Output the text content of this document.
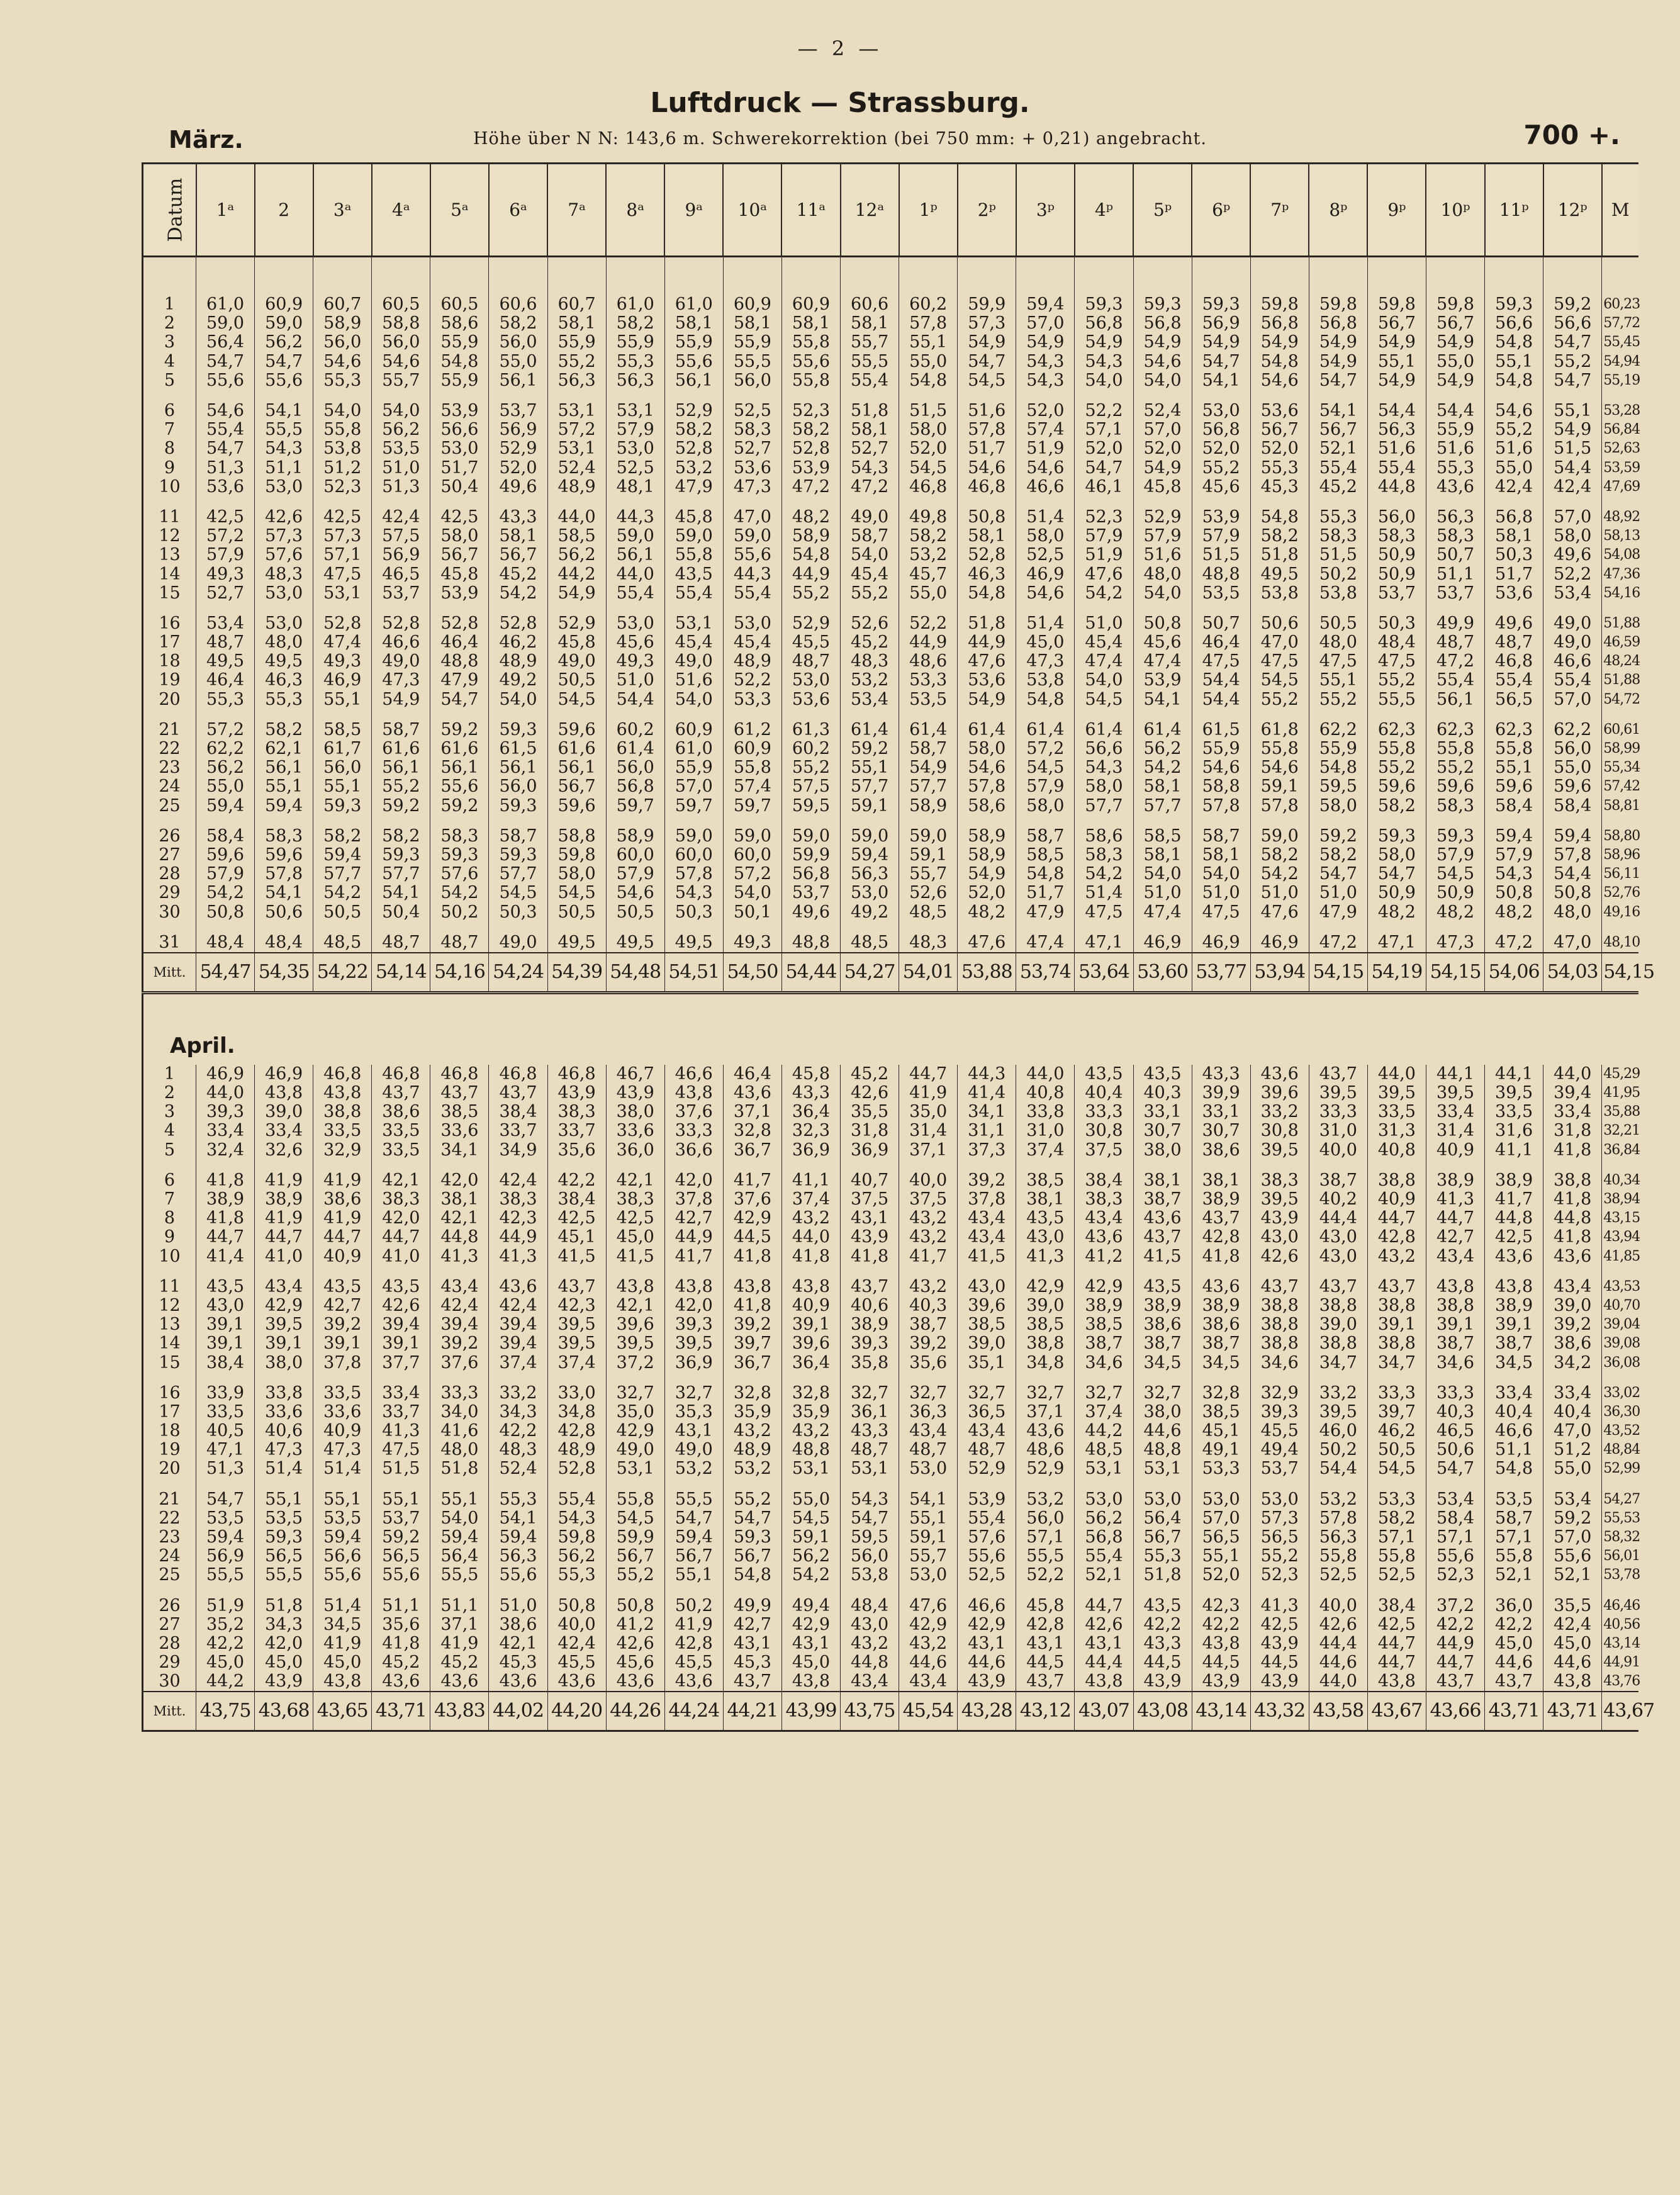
— 2 —
Luftdruck — Strassburg.
März.	Höhe über N N: 143,6 m. Schwerekorrektion (bei 750 mm: + 0,21) angebracht.	700 +.
Datum	1ᵃ	2	3ᵃ	4ᵃ	5ᵃ	6ᵃ	7ᵃ	8ᵃ	9ᵃ	10ᵃ	11ᵃ	12ᵃ	1ᵖ	2ᵖ	3ᵖ	4ᵖ	5ᵖ	6ᵖ	7ᵖ	8ᵖ	9ᵖ	10ᵖ	11ᵖ	12ᵖ	M

1	61,0	60,9	60,7	60,5	60,5	60,6	60,7	61,0	61,0	60,9	60,9	60,6	60,2	59,9	59,4	59,3	59,3	59,3	59,8	59,8	59,8	59,8	59,3	59,2	60,23
2	59,0	59,0	58,9	58,8	58,6	58,2	58,1	58,2	58,1	58,1	58,1	58,1	57,8	57,3	57,0	56,8	56,8	56,9	56,8	56,8	56,7	56,7	56,6	56,6	57,72
3	56,4	56,2	56,0	56,0	55,9	56,0	55,9	55,9	55,9	55,9	55,8	55,7	55,1	54,9	54,9	54,9	54,9	54,9	54,9	54,9	54,9	54,9	54,8	54,7	55,45
4	54,7	54,7	54,6	54,6	54,8	55,0	55,2	55,3	55,6	55,5	55,6	55,5	55,0	54,7	54,3	54,3	54,6	54,7	54,8	54,9	55,1	55,0	55,1	55,2	54,94
5	55,6	55,6	55,3	55,7	55,9	56,1	56,3	56,3	56,1	56,0	55,8	55,4	54,8	54,5	54,3	54,0	54,0	54,1	54,6	54,7	54,9	54,9	54,8	54,7	55,19

6	54,6	54,1	54,0	54,0	53,9	53,7	53,1	53,1	52,9	52,5	52,3	51,8	51,5	51,6	52,0	52,2	52,4	53,0	53,6	54,1	54,4	54,4	54,6	55,1	53,28
7	55,4	55,5	55,8	56,2	56,6	56,9	57,2	57,9	58,2	58,3	58,2	58,1	58,0	57,8	57,4	57,1	57,0	56,8	56,7	56,7	56,3	55,9	55,2	54,9	56,84
8	54,7	54,3	53,8	53,5	53,0	52,9	53,1	53,0	52,8	52,7	52,8	52,7	52,0	51,7	51,9	52,0	52,0	52,0	52,0	52,1	51,6	51,6	51,6	51,5	52,63
9	51,3	51,1	51,2	51,0	51,7	52,0	52,4	52,5	53,2	53,6	53,9	54,3	54,5	54,6	54,6	54,7	54,9	55,2	55,3	55,4	55,4	55,3	55,0	54,4	53,59
10	53,6	53,0	52,3	51,3	50,4	49,6	48,9	48,1	47,9	47,3	47,2	47,2	46,8	46,8	46,6	46,1	45,8	45,6	45,3	45,2	44,8	43,6	42,4	42,4	47,69

11	42,5	42,6	42,5	42,4	42,5	43,3	44,0	44,3	45,8	47,0	48,2	49,0	49,8	50,8	51,4	52,3	52,9	53,9	54,8	55,3	56,0	56,3	56,8	57,0	48,92
12	57,2	57,3	57,3	57,5	58,0	58,1	58,5	59,0	59,0	59,0	58,9	58,7	58,2	58,1	58,0	57,9	57,9	57,9	58,2	58,3	58,3	58,3	58,1	58,0	58,13
13	57,9	57,6	57,1	56,9	56,7	56,7	56,2	56,1	55,8	55,6	54,8	54,0	53,2	52,8	52,5	51,9	51,6	51,5	51,8	51,5	50,9	50,7	50,3	49,6	54,08
14	49,3	48,3	47,5	46,5	45,8	45,2	44,2	44,0	43,5	44,3	44,9	45,4	45,7	46,3	46,9	47,6	48,0	48,8	49,5	50,2	50,9	51,1	51,7	52,2	47,36
15	52,7	53,0	53,1	53,7	53,9	54,2	54,9	55,4	55,4	55,4	55,2	55,2	55,0	54,8	54,6	54,2	54,0	53,5	53,8	53,8	53,7	53,7	53,6	53,4	54,16

16	53,4	53,0	52,8	52,8	52,8	52,8	52,9	53,0	53,1	53,0	52,9	52,6	52,2	51,8	51,4	51,0	50,8	50,7	50,6	50,5	50,3	49,9	49,6	49,0	51,88
17	48,7	48,0	47,4	46,6	46,4	46,2	45,8	45,6	45,4	45,4	45,5	45,2	44,9	44,9	45,0	45,4	45,6	46,4	47,0	48,0	48,4	48,7	48,7	49,0	46,59
18	49,5	49,5	49,3	49,0	48,8	48,9	49,0	49,3	49,0	48,9	48,7	48,3	48,6	47,6	47,3	47,4	47,4	47,5	47,5	47,5	47,5	47,2	46,8	46,6	48,24
19	46,4	46,3	46,9	47,3	47,9	49,2	50,5	51,0	51,6	52,2	53,0	53,2	53,3	53,6	53,8	54,0	53,9	54,4	54,5	55,1	55,2	55,4	55,4	55,4	51,88
20	55,3	55,3	55,1	54,9	54,7	54,0	54,5	54,4	54,0	53,3	53,6	53,4	53,5	54,9	54,8	54,5	54,1	54,4	55,2	55,2	55,5	56,1	56,5	57,0	54,72

21	57,2	58,2	58,5	58,7	59,2	59,3	59,6	60,2	60,9	61,2	61,3	61,4	61,4	61,4	61,4	61,4	61,4	61,5	61,8	62,2	62,3	62,3	62,3	62,2	60,61
22	62,2	62,1	61,7	61,6	61,6	61,5	61,6	61,4	61,0	60,9	60,2	59,2	58,7	58,0	57,2	56,6	56,2	55,9	55,8	55,9	55,8	55,8	55,8	56,0	58,99
23	56,2	56,1	56,0	56,1	56,1	56,1	56,1	56,0	55,9	55,8	55,2	55,1	54,9	54,6	54,5	54,3	54,2	54,6	54,6	54,8	55,2	55,2	55,1	55,0	55,34
24	55,0	55,1	55,1	55,2	55,6	56,0	56,7	56,8	57,0	57,4	57,5	57,7	57,7	57,8	57,9	58,0	58,1	58,8	59,1	59,5	59,6	59,6	59,6	59,6	57,42
25	59,4	59,4	59,3	59,2	59,2	59,3	59,6	59,7	59,7	59,7	59,5	59,1	58,9	58,6	58,0	57,7	57,7	57,8	57,8	58,0	58,2	58,3	58,4	58,4	58,81

26	58,4	58,3	58,2	58,2	58,3	58,7	58,8	58,9	59,0	59,0	59,0	59,0	59,0	58,9	58,7	58,6	58,5	58,7	59,0	59,2	59,3	59,3	59,4	59,4	58,80
27	59,6	59,6	59,4	59,3	59,3	59,3	59,8	60,0	60,0	60,0	59,9	59,4	59,1	58,9	58,5	58,3	58,1	58,1	58,2	58,2	58,0	57,9	57,9	57,8	58,96
28	57,9	57,8	57,7	57,7	57,6	57,7	58,0	57,9	57,8	57,2	56,8	56,3	55,7	54,9	54,8	54,2	54,0	54,0	54,2	54,7	54,7	54,5	54,3	54,4	56,11
29	54,2	54,1	54,2	54,1	54,2	54,5	54,5	54,6	54,3	54,0	53,7	53,0	52,6	52,0	51,7	51,4	51,0	51,0	51,0	51,0	50,9	50,9	50,8	50,8	52,76
30	50,8	50,6	50,5	50,4	50,2	50,3	50,5	50,5	50,3	50,1	49,6	49,2	48,5	48,2	47,9	47,5	47,4	47,5	47,6	47,9	48,2	48,2	48,2	48,0	49,16

31	48,4	48,4	48,5	48,7	48,7	49,0	49,5	49,5	49,5	49,3	48,8	48,5	48,3	47,6	47,4	47,1	46,9	46,9	46,9	47,2	47,1	47,3	47,2	47,0	48,10
Mitt.	54,47	54,35	54,22	54,14	54,16	54,24	54,39	54,48	54,51	54,50	54,44	54,27	54,01	53,88	53,74	53,64	53,60	53,77	53,94	54,15	54,19	54,15	54,06	54,03	54,15

April.																									

1	46,9	46,9	46,8	46,8	46,8	46,8	46,8	46,7	46,6	46,4	45,8	45,2	44,7	44,3	44,0	43,5	43,5	43,3	43,6	43,7	44,0	44,1	44,1	44,0	45,29
2	44,0	43,8	43,8	43,7	43,7	43,7	43,9	43,9	43,8	43,6	43,3	42,6	41,9	41,4	40,8	40,4	40,3	39,9	39,6	39,5	39,5	39,5	39,5	39,4	41,95
3	39,3	39,0	38,8	38,6	38,5	38,4	38,3	38,0	37,6	37,1	36,4	35,5	35,0	34,1	33,8	33,3	33,1	33,1	33,2	33,3	33,5	33,4	33,5	33,4	35,88
4	33,4	33,4	33,5	33,5	33,6	33,7	33,7	33,6	33,3	32,8	32,3	31,8	31,4	31,1	31,0	30,8	30,7	30,7	30,8	31,0	31,3	31,4	31,6	31,8	32,21
5	32,4	32,6	32,9	33,5	34,1	34,9	35,6	36,0	36,6	36,7	36,9	36,9	37,1	37,3	37,4	37,5	38,0	38,6	39,5	40,0	40,8	40,9	41,1	41,8	36,84

6	41,8	41,9	41,9	42,1	42,0	42,4	42,2	42,1	42,0	41,7	41,1	40,7	40,0	39,2	38,5	38,4	38,1	38,1	38,3	38,7	38,8	38,9	38,9	38,8	40,34
7	38,9	38,9	38,6	38,3	38,1	38,3	38,4	38,3	37,8	37,6	37,4	37,5	37,5	37,8	38,1	38,3	38,7	38,9	39,5	40,2	40,9	41,3	41,7	41,8	38,94
8	41,8	41,9	41,9	42,0	42,1	42,3	42,5	42,5	42,7	42,9	43,2	43,1	43,2	43,4	43,5	43,4	43,6	43,7	43,9	44,4	44,7	44,7	44,8	44,8	43,15
9	44,7	44,7	44,7	44,7	44,8	44,9	45,1	45,0	44,9	44,5	44,0	43,9	43,2	43,4	43,0	43,6	43,7	42,8	43,0	43,0	42,8	42,7	42,5	41,8	43,94
10	41,4	41,0	40,9	41,0	41,3	41,3	41,5	41,5	41,7	41,8	41,8	41,8	41,7	41,5	41,3	41,2	41,5	41,8	42,6	43,0	43,2	43,4	43,6	43,6	41,85

11	43,5	43,4	43,5	43,5	43,4	43,6	43,7	43,8	43,8	43,8	43,8	43,7	43,2	43,0	42,9	42,9	43,5	43,6	43,7	43,7	43,7	43,8	43,8	43,4	43,53
12	43,0	42,9	42,7	42,6	42,4	42,4	42,3	42,1	42,0	41,8	40,9	40,6	40,3	39,6	39,0	38,9	38,9	38,9	38,8	38,8	38,8	38,8	38,9	39,0	40,70
13	39,1	39,5	39,2	39,4	39,4	39,4	39,5	39,6	39,3	39,2	39,1	38,9	38,7	38,5	38,5	38,5	38,6	38,6	38,8	39,0	39,1	39,1	39,1	39,2	39,04
14	39,1	39,1	39,1	39,1	39,2	39,4	39,5	39,5	39,5	39,7	39,6	39,3	39,2	39,0	38,8	38,7	38,7	38,7	38,8	38,8	38,8	38,7	38,7	38,6	39,08
15	38,4	38,0	37,8	37,7	37,6	37,4	37,4	37,2	36,9	36,7	36,4	35,8	35,6	35,1	34,8	34,6	34,5	34,5	34,6	34,7	34,7	34,6	34,5	34,2	36,08

16	33,9	33,8	33,5	33,4	33,3	33,2	33,0	32,7	32,7	32,8	32,8	32,7	32,7	32,7	32,7	32,7	32,7	32,8	32,9	33,2	33,3	33,3	33,4	33,4	33,02
17	33,5	33,6	33,6	33,7	34,0	34,3	34,8	35,0	35,3	35,9	35,9	36,1	36,3	36,5	37,1	37,4	38,0	38,5	39,3	39,5	39,7	40,3	40,4	40,4	36,30
18	40,5	40,6	40,9	41,3	41,6	42,2	42,8	42,9	43,1	43,2	43,2	43,3	43,4	43,4	43,6	44,2	44,6	45,1	45,5	46,0	46,2	46,5	46,6	47,0	43,52
19	47,1	47,3	47,3	47,5	48,0	48,3	48,9	49,0	49,0	48,9	48,8	48,7	48,7	48,7	48,6	48,5	48,8	49,1	49,4	50,2	50,5	50,6	51,1	51,2	48,84
20	51,3	51,4	51,4	51,5	51,8	52,4	52,8	53,1	53,2	53,2	53,1	53,1	53,0	52,9	52,9	53,1	53,1	53,3	53,7	54,4	54,5	54,7	54,8	55,0	52,99

21	54,7	55,1	55,1	55,1	55,1	55,3	55,4	55,8	55,5	55,2	55,0	54,3	54,1	53,9	53,2	53,0	53,0	53,0	53,0	53,2	53,3	53,4	53,5	53,4	54,27
22	53,5	53,5	53,5	53,7	54,0	54,1	54,3	54,5	54,7	54,7	54,5	54,7	55,1	55,4	56,0	56,2	56,4	57,0	57,3	57,8	58,2	58,4	58,7	59,2	55,53
23	59,4	59,3	59,4	59,2	59,4	59,4	59,8	59,9	59,4	59,3	59,1	59,5	59,1	57,6	57,1	56,8	56,7	56,5	56,5	56,3	57,1	57,1	57,1	57,0	58,32
24	56,9	56,5	56,6	56,5	56,4	56,3	56,2	56,7	56,7	56,7	56,2	56,0	55,7	55,6	55,5	55,4	55,3	55,1	55,2	55,8	55,8	55,6	55,8	55,6	56,01
25	55,5	55,5	55,6	55,6	55,5	55,6	55,3	55,2	55,1	54,8	54,2	53,8	53,0	52,5	52,2	52,1	51,8	52,0	52,3	52,5	52,5	52,3	52,1	52,1	53,78

26	51,9	51,8	51,4	51,1	51,1	51,0	50,8	50,8	50,2	49,9	49,4	48,4	47,6	46,6	45,8	44,7	43,5	42,3	41,3	40,0	38,4	37,2	36,0	35,5	46,46
27	35,2	34,3	34,5	35,6	37,1	38,6	40,0	41,2	41,9	42,7	42,9	43,0	42,9	42,9	42,8	42,6	42,2	42,2	42,5	42,6	42,5	42,2	42,2	42,4	40,56
28	42,2	42,0	41,9	41,8	41,9	42,1	42,4	42,6	42,8	43,1	43,1	43,2	43,2	43,1	43,1	43,1	43,3	43,8	43,9	44,4	44,7	44,9	45,0	45,0	43,14
29	45,0	45,0	45,0	45,2	45,2	45,3	45,5	45,6	45,5	45,3	45,0	44,8	44,6	44,6	44,5	44,4	44,5	44,5	44,5	44,6	44,7	44,7	44,6	44,6	44,91
30	44,2	43,9	43,8	43,6	43,6	43,6	43,6	43,6	43,6	43,7	43,8	43,4	43,4	43,9	43,7	43,8	43,9	43,9	43,9	44,0	43,8	43,7	43,7	43,8	43,76
Mitt.	43,75	43,68	43,65	43,71	43,83	44,02	44,20	44,26	44,24	44,21	43,99	43,75	45,54	43,28	43,12	43,07	43,08	43,14	43,32	43,58	43,67	43,66	43,71	43,71	43,67
